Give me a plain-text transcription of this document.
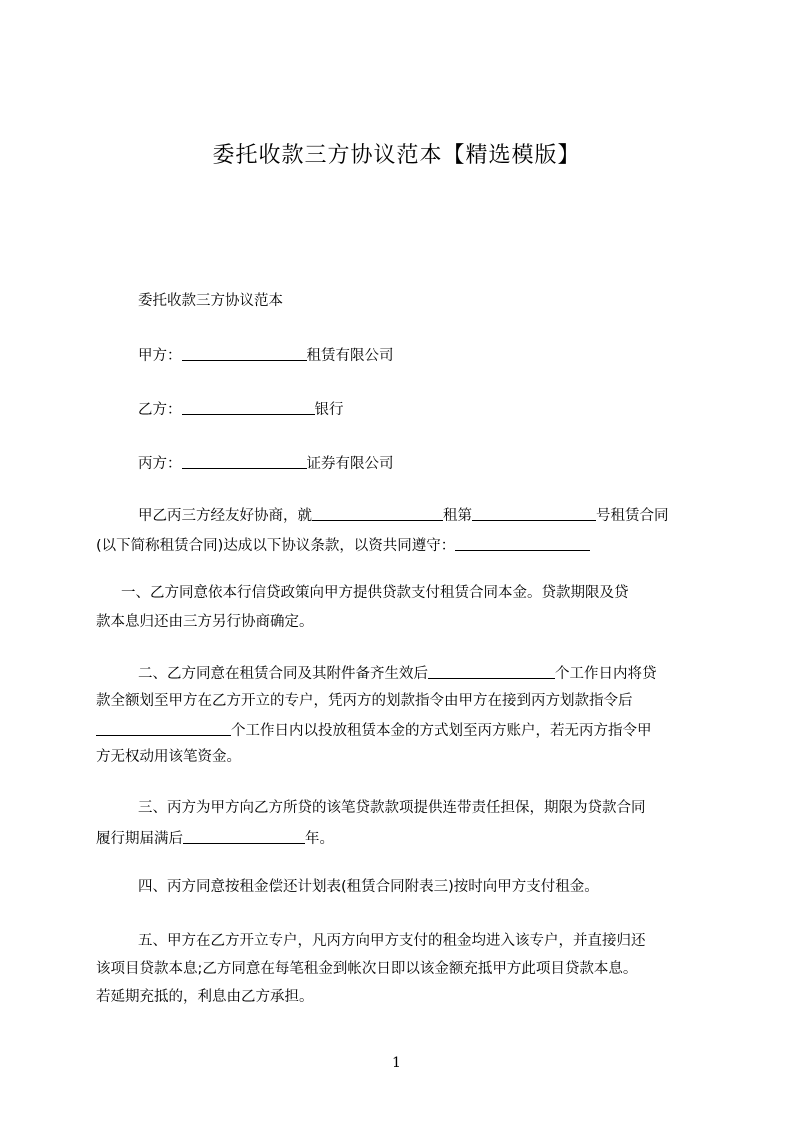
委托收款三方协议范本【精选模版】

委托收款三方协议范本

甲方：	租赁有限公司

乙方：	银行

丙方：	证券有限公司

甲乙丙三方经友好协商，就	租第	号租赁合同

(以下简称租赁合同)达成以下协议条款，以资共同遵守：

一、乙方同意依本行信贷政策向甲方提供贷款支付租赁合同本金。贷款期限及贷

款本息归还由三方另行协商确定。

二、乙方同意在租赁合同及其附件备齐生效后	个工作日内将贷

款全额划至甲方在乙方开立的专户，凭丙方的划款指令由甲方在接到丙方划款指令后

个工作日内以投放租赁本金的方式划至丙方账户，若无丙方指令甲

方无权动用该笔资金。

三、丙方为甲方向乙方所贷的该笔贷款款项提供连带责任担保，期限为贷款合同

履行期届满后	年。

四、丙方同意按租金偿还计划表(租赁合同附表三)按时向甲方支付租金。

五、甲方在乙方开立专户，凡丙方向甲方支付的租金均进入该专户，并直接归还

该项目贷款本息;乙方同意在每笔租金到帐次日即以该金额充抵甲方此项目贷款本息。

若延期充抵的，利息由乙方承担。

1
